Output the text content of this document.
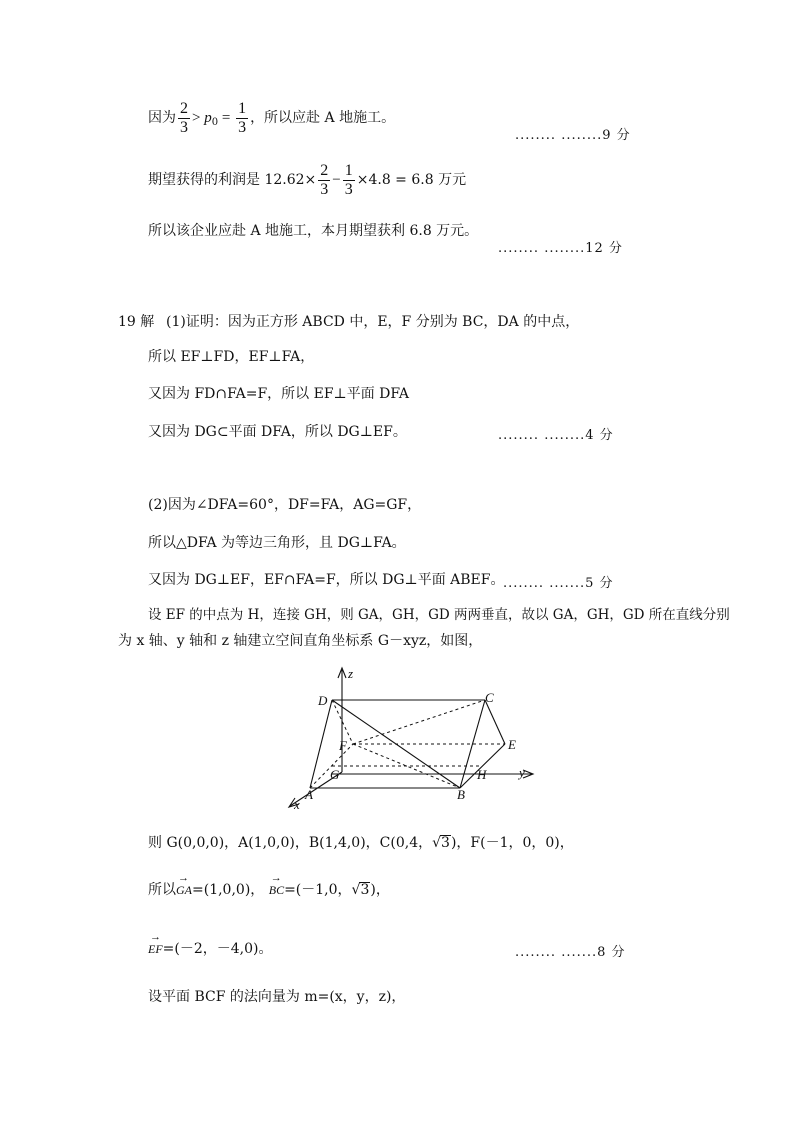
因为 $\frac{2}{3} > p_0 = \frac{1}{3}$ ，所以应赴 A 地施工。
........ ........9 分
期望获得的利润是 $12.62\times \frac{2}{3} - \frac{1}{3} \times 4.8 = 6.8$ 万元
所以该企业应赴 A 地施工，本月期望获利 6.8 万元。
........ ........12 分
19 解 (1)证明：因为正方形 ABCD 中，E，F 分别为 BC，DA 的中点，
所以 EF⊥FD，EF⊥FA，
又因为 FD∩FA=F，所以 EF⊥平面 DFA
又因为 DG⊂平面 DFA，所以 DG⊥EF。	........ ........4 分
(2)因为∠DFA=60°，DF=FA，AG=GF，
所以△DFA 为等边三角形，且 DG⊥FA。
又因为 DG⊥EF，EF∩FA=F，所以 DG⊥平面 ABEF。
........ .......5 分
设 EF 的中点为 H，连接 GH，则 GA，GH，GD 两两垂直，故以 GA，GH，GD 所在直线分别
为 x 轴、y 轴和 z 轴建立空间直角坐标系 G－xyz，如图，
z
D	C
F	E
G	H	y
A	B
x
则 G(0,0,0)，A(1,0,0)，B(1,4,0)，C(0,4，√3)，F(－1，0，0)，
所以→ GA=(1,0,0)， → BC=(－1,0，√3)，
→ EF=(－2，－4,0)。	........ .......8 分
设平面 BCF 的法向量为 m=(x，y，z)，
